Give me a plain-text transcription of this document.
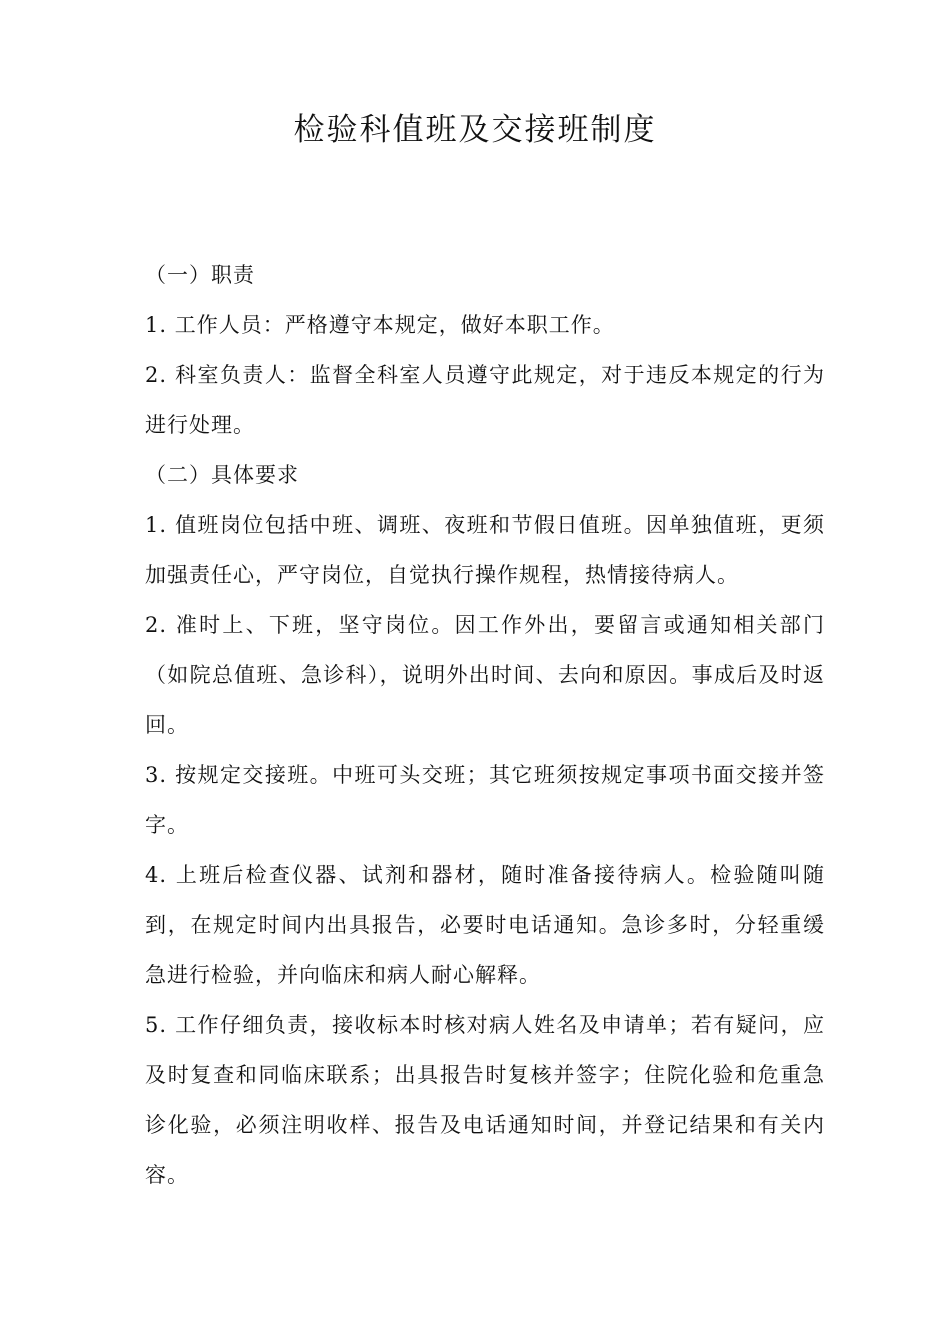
检验科值班及交接班制度

（一）职责

1. 工作人员：严格遵守本规定，做好本职工作。

2. 科室负责人：监督全科室人员遵守此规定，对于违反本规定的行为进行处理。

（二）具体要求

1. 值班岗位包括中班、调班、夜班和节假日值班。因单独值班，更须加强责任心，严守岗位，自觉执行操作规程，热情接待病人。

2. 准时上、下班，坚守岗位。因工作外出，要留言或通知相关部门（如院总值班、急诊科），说明外出时间、去向和原因。事成后及时返回。

3. 按规定交接班。中班可头交班；其它班须按规定事项书面交接并签字。

4. 上班后检查仪器、试剂和器材，随时准备接待病人。检验随叫随到，在规定时间内出具报告，必要时电话通知。急诊多时，分轻重缓急进行检验，并向临床和病人耐心解释。

5. 工作仔细负责，接收标本时核对病人姓名及申请单；若有疑问，应及时复查和同临床联系；出具报告时复核并签字；住院化验和危重急诊化验，必须注明收样、报告及电话通知时间，并登记结果和有关内容。
